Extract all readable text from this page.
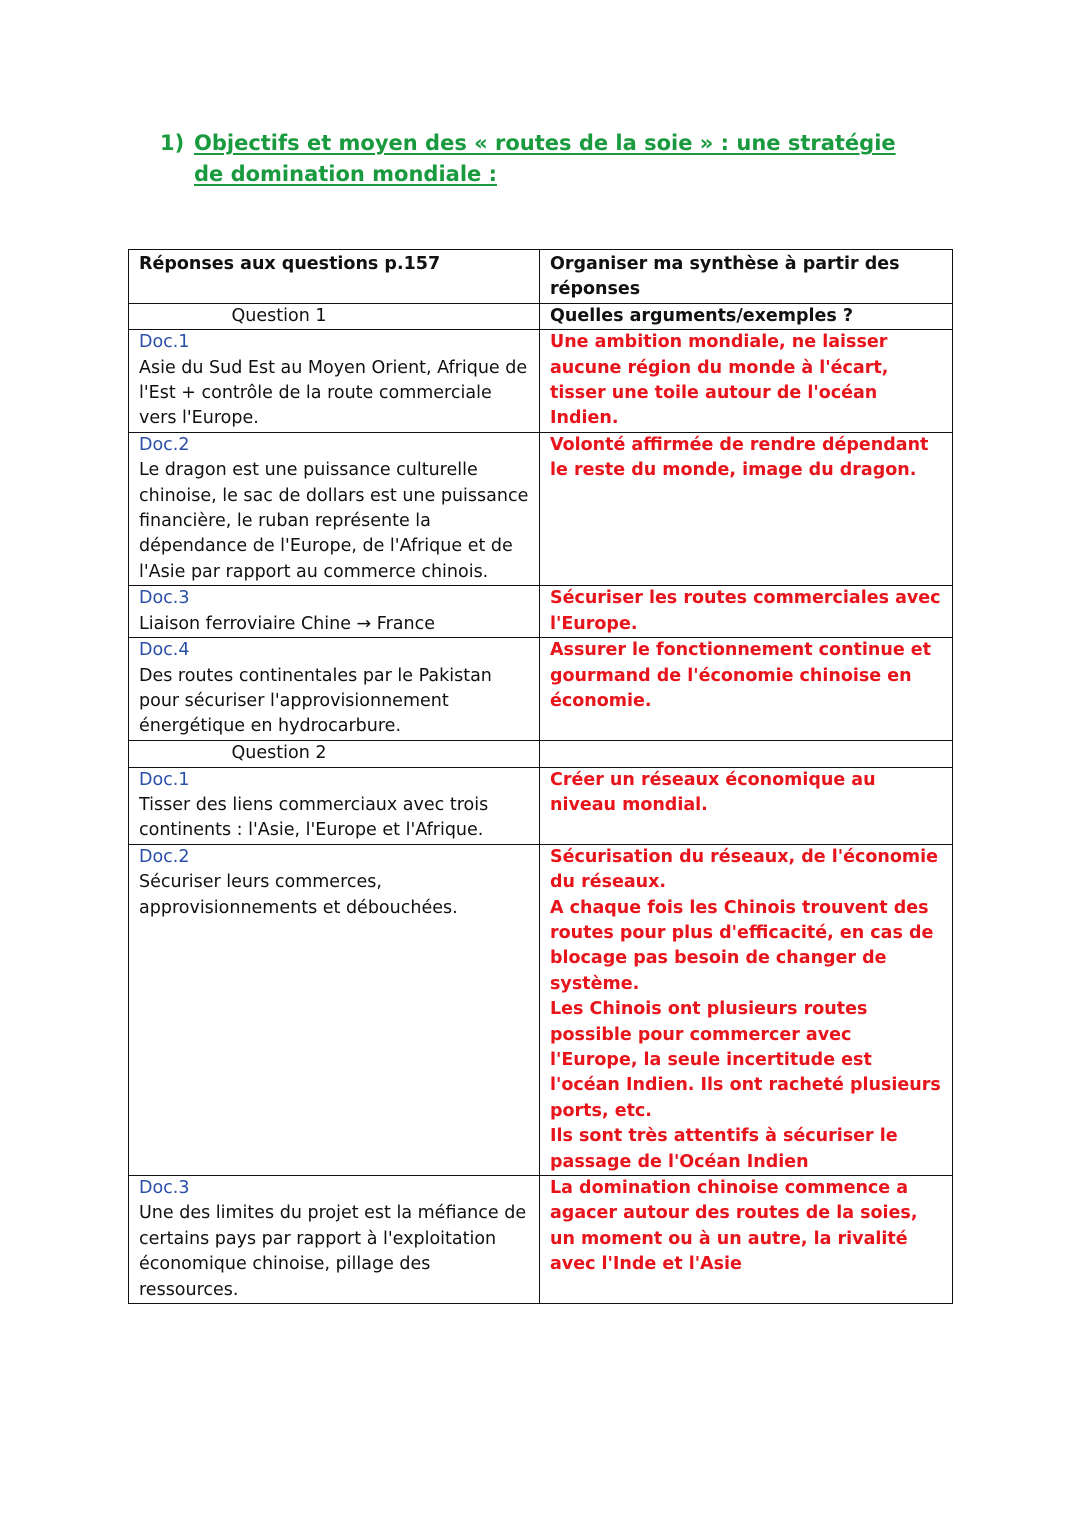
1) Objectifs et moyen des « routes de la soie » : une stratégie de domination mondiale :
Réponses aux questions p.157	Organiser ma synthèse à partir des réponses
Question 1	Quelles arguments/exemples ?

Doc.1
Asie du Sud Est au Moyen Orient, Afrique de l'Est + contrôle de la route commerciale vers l'Europe.	Une ambition mondiale, ne laisser aucune région du monde à l'écart, tisser une toile autour de l'océan Indien.

Doc.2
Le dragon est une puissance culturelle chinoise, le sac de dollars est une puissance financière, le ruban représente la dépendance de l'Europe, de l'Afrique et de l'Asie par rapport au commerce chinois.	Volonté affirmée de rendre dépendant le reste du monde, image du dragon.

Doc.3
Liaison ferroviaire Chine → France	Sécuriser les routes commerciales avec l'Europe.

Doc.4
Des routes continentales par le Pakistan pour sécuriser l'approvisionnement énergétique en hydrocarbure.	Assurer le fonctionnement continue et gourmand de l'économie chinoise en économie.
Question 2	

Doc.1
Tisser des liens commerciaux avec trois continents : l'Asie, l'Europe et l'Afrique.	Créer un réseaux économique au niveau mondial.

Doc.2
Sécuriser leurs commerces, approvisionnements et débouchées.	Sécurisation du réseaux, de l'économie du réseaux.
A chaque fois les Chinois trouvent des routes pour plus d'efficacité, en cas de blocage pas besoin de changer de système.
Les Chinois ont plusieurs routes possible pour commercer avec l'Europe, la seule incertitude est l'océan Indien. Ils ont racheté plusieurs ports, etc.
Ils sont très attentifs à sécuriser le passage de l'Océan Indien

Doc.3
Une des limites du projet est la méfiance de certains pays par rapport à l'exploitation économique chinoise, pillage des ressources.	La domination chinoise commence a agacer autour des routes de la soies, un moment ou à un autre, la rivalité avec l'Inde et l'Asie
